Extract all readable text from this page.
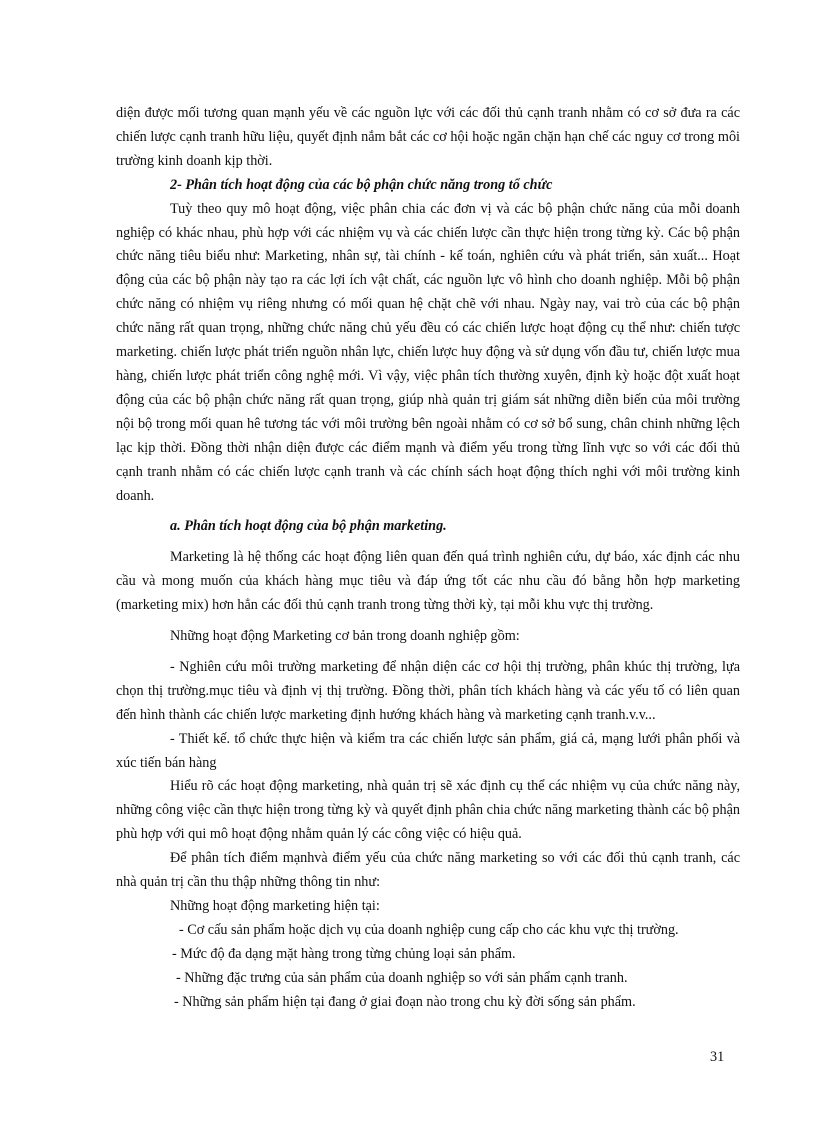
diện được mối tương quan mạnh yếu về các nguồn lực với các đối thủ cạnh tranh nhằm có cơ sở đưa ra các chiến lược cạnh tranh hữu liệu, quyết định nắm bắt các cơ hội hoặc ngăn chặn hạn chế các nguy cơ trong môi trường kinh doanh kịp thời.

2- Phân tích hoạt động của các bộ phận chức năng trong tổ chức

Tuỳ theo quy mô hoạt động, việc phân chia các đơn vị và các bộ phận chức năng của mỗi doanh nghiệp có khác nhau, phù hợp với các nhiệm vụ và các chiến lược cần thực hiện trong từng kỳ. Các bộ phận chức năng tiêu biểu như: Marketing, nhân sự, tài chính - kế toán, nghiên cứu và phát triển, sản xuất... Hoạt động của các bộ phận này tạo ra các lợi ích vật chất, các nguồn lực vô hình cho doanh nghiệp. Mỗi bộ phận chức năng có nhiệm vụ riêng nhưng có mối quan hệ chặt chẽ với nhau. Ngày nay, vai trò của các bộ phận chức năng rất quan trọng, những chức năng chủ yếu đều có các chiến lược hoạt động cụ thể như: chiến tược marketing. chiến lược phát triển nguồn nhân lực, chiến lược huy động và sử dụng vốn đầu tư, chiến lược mua hàng, chiến lược phát triển công nghệ mới. Vì vậy, việc phân tích thường xuyên, định kỳ hoặc đột xuất hoạt động của các bộ phận chức năng rất quan trọng, giúp nhà quản trị giám sát những diễn biến của môi trường nội bộ trong mối quan hê tương tác với môi trường bên ngoài nhằm có cơ sở bổ sung, chân chinh những lệch lạc kịp thời. Đồng thời nhận diện được các điểm mạnh và điểm yếu trong từng lĩnh vực so với các đối thủ cạnh tranh nhằm có các chiến lược cạnh tranh và các chính sách hoạt động thích nghi với môi trường kinh doanh.

a. Phân tích hoạt động của bộ phận marketing.

Marketing là hệ thống các hoạt động liên quan đến quá trình nghiên cứu, dự báo, xác định các nhu cầu và mong muốn của khách hàng mục tiêu và đáp ứng tốt các nhu cầu đó bằng hỗn hợp marketing (marketing mix) hơn hẳn các đối thủ cạnh tranh trong từng thời kỳ, tại mỗi khu vực thị trường.

Những hoạt động Marketing cơ bản trong doanh nghiệp gồm:

- Nghiên cứu môi trường marketing để nhận diện các cơ hội thị trường, phân khúc thị trường, lựa chọn thị trường.mục tiêu và định vị thị trường. Đồng thời, phân tích khách hàng và các yếu tố có liên quan đến hình thành các chiến lược marketing định hướng khách hàng và marketing cạnh tranh.v.v...

- Thiết kế. tổ chức thực hiện và kiểm tra các chiến lược sản phẩm, giá cả, mạng lưới phân phối và xúc tiến bán hàng

Hiểu rõ các hoạt động marketing, nhà quản trị sẽ xác định cụ thể các nhiệm vụ của chức năng này, những công việc cần thực hiện trong từng kỳ và quyết định phân chia chức năng marketing thành các bộ phận phù hợp với qui mô hoạt động nhằm quản lý các công việc có hiệu quả.

Để phân tích điểm mạnhvà điểm yếu của chức năng marketing so với các đối thủ cạnh tranh, các nhà quản trị cần thu thập những thông tin như:

Những hoạt động marketing hiện tại:

- Cơ cấu sản phẩm hoặc dịch vụ của doanh nghiệp cung cấp cho các khu vực thị trường.

- Mức độ đa dạng mặt hàng trong từng chủng loại sản phẩm.

- Những đặc trưng của sản phẩm của doanh nghiệp so với sản phẩm cạnh tranh.

- Những sản phẩm hiện tại đang ở giai đoạn nào trong chu kỳ đời sống sản phẩm.

31
